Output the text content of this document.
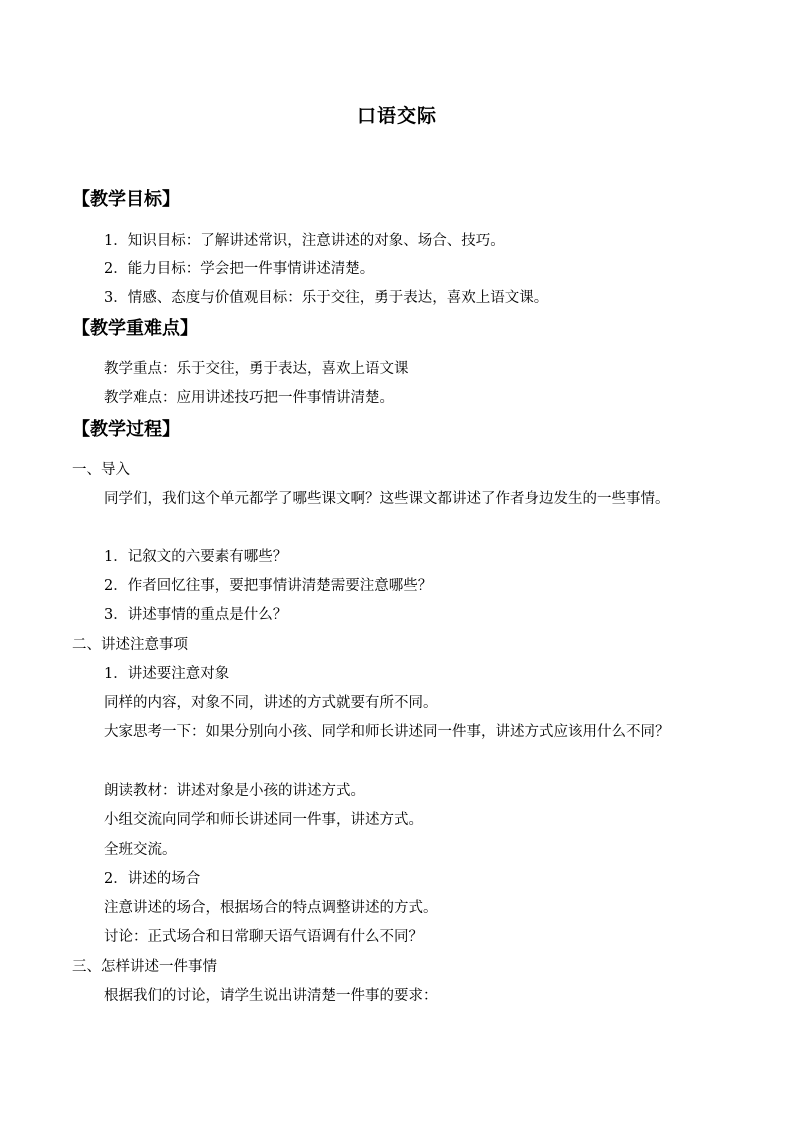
口语交际
【教学目标】
1．知识目标：了解讲述常识，注意讲述的对象、场合、技巧。
2．能力目标：学会把一件事情讲述清楚。
3．情感、态度与价值观目标：乐于交往，勇于表达，喜欢上语文课。
【教学重难点】
教学重点：乐于交往，勇于表达，喜欢上语文课
教学难点：应用讲述技巧把一件事情讲清楚。
【教学过程】
一、导入
同学们，我们这个单元都学了哪些课文啊？这些课文都讲述了作者身边发生的一些事情。
1．记叙文的六要素有哪些？
2．作者回忆往事，要把事情讲清楚需要注意哪些？
3．讲述事情的重点是什么？
二、讲述注意事项
1．讲述要注意对象
同样的内容，对象不同，讲述的方式就要有所不同。
大家思考一下：如果分别向小孩、同学和师长讲述同一件事，讲述方式应该用什么不同？
朗读教材：讲述对象是小孩的讲述方式。
小组交流向同学和师长讲述同一件事，讲述方式。
全班交流。
2．讲述的场合
注意讲述的场合，根据场合的特点调整讲述的方式。
讨论：正式场合和日常聊天语气语调有什么不同？
三、怎样讲述一件事情
根据我们的讨论，请学生说出讲清楚一件事的要求：
